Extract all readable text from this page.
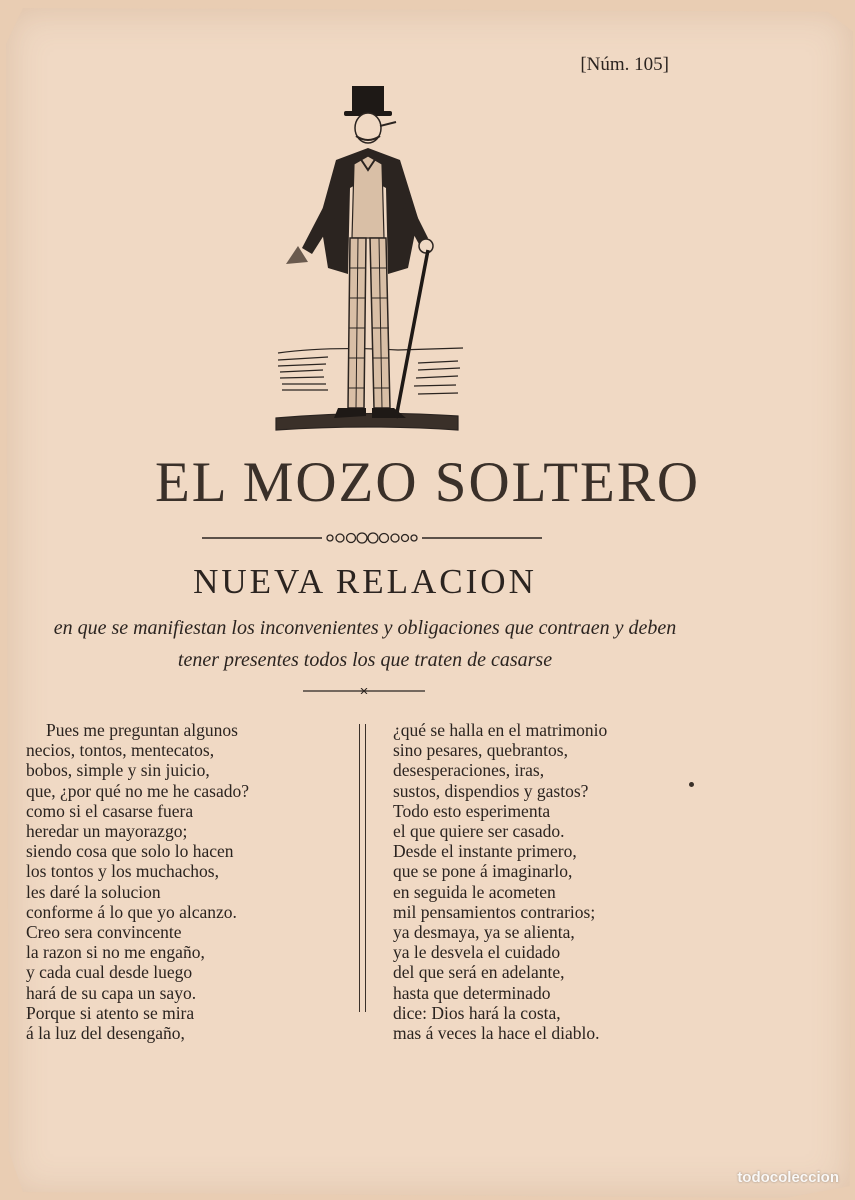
[Núm. 105]
EL MOZO SOLTERO
NUEVA RELACION
en que se manifiestan los inconvenientes y obligaciones que contraen y deben
tener presentes todos los que traten de casarse
Pues me preguntan algunos
necios, tontos, mentecatos,
bobos, simple y sin juicio,
que, ¿por qué no me he casado?
como si el casarse fuera
heredar un mayorazgo;
siendo cosa que solo lo hacen
los tontos y los muchachos,
les daré la solucion
conforme á lo que yo alcanzo.
Creo sera convincente
la razon si no me engaño,
y cada cual desde luego
hará de su capa un sayo.
Porque si atento se mira
á la luz del desengaño,
¿qué se halla en el matrimonio
sino pesares, quebrantos,
desesperaciones, iras,
sustos, dispendios y gastos?
Todo esto esperimenta
el que quiere ser casado.
Desde el instante primero,
que se pone á imaginarlo,
en seguida le acometen
mil pensamientos contrarios;
ya desmaya, ya se alienta,
ya le desvela el cuidado
del que será en adelante,
hasta que determinado
dice: Dios hará la costa,
mas á veces la hace el diablo.
todocoleccion
